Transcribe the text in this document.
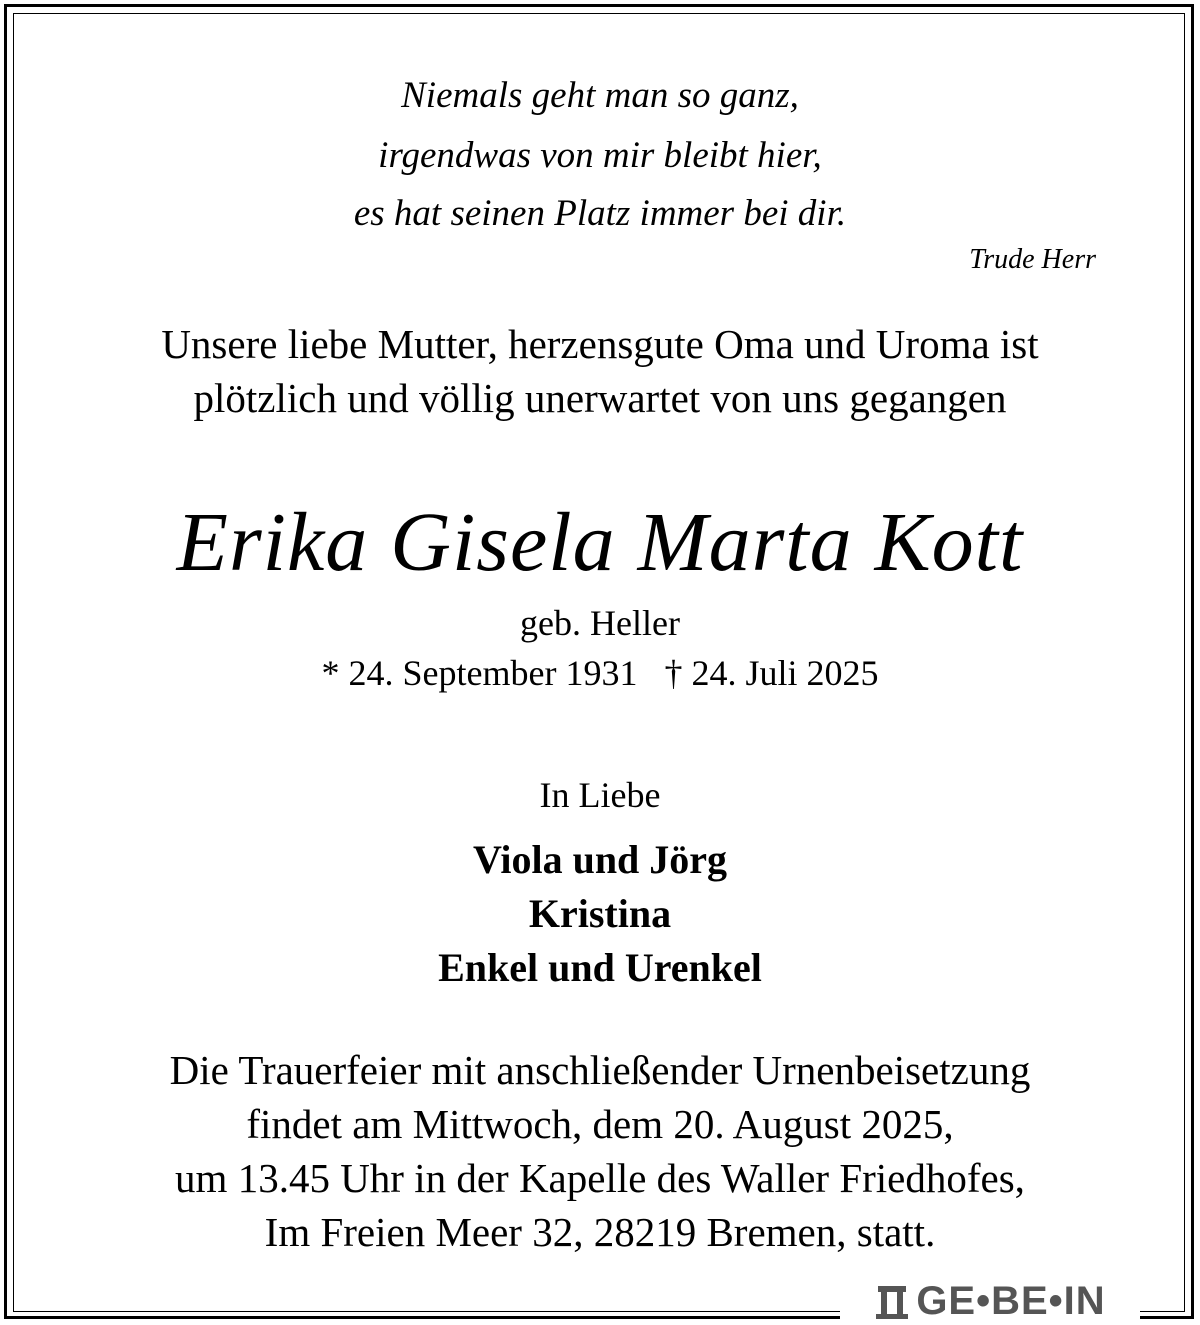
Niemals geht man so ganz,
irgendwas von mir bleibt hier,
es hat seinen Platz immer bei dir.
Trude Herr
Unsere liebe Mutter, herzensgute Oma und Uroma ist
plötzlich und völlig unerwartet von uns gegangen
Erika Gisela Marta Kott
geb. Heller
* 24. September 1931   † 24. Juli 2025
In Liebe
Viola und Jörg
Kristina
Enkel und Urenkel
Die Trauerfeier mit anschließender Urnenbeisetzung
findet am Mittwoch, dem 20. August 2025,
um 13.45 Uhr in der Kapelle des Waller Friedhofes,
Im Freien Meer 32, 28219 Bremen, statt.
GE•BE•IN
